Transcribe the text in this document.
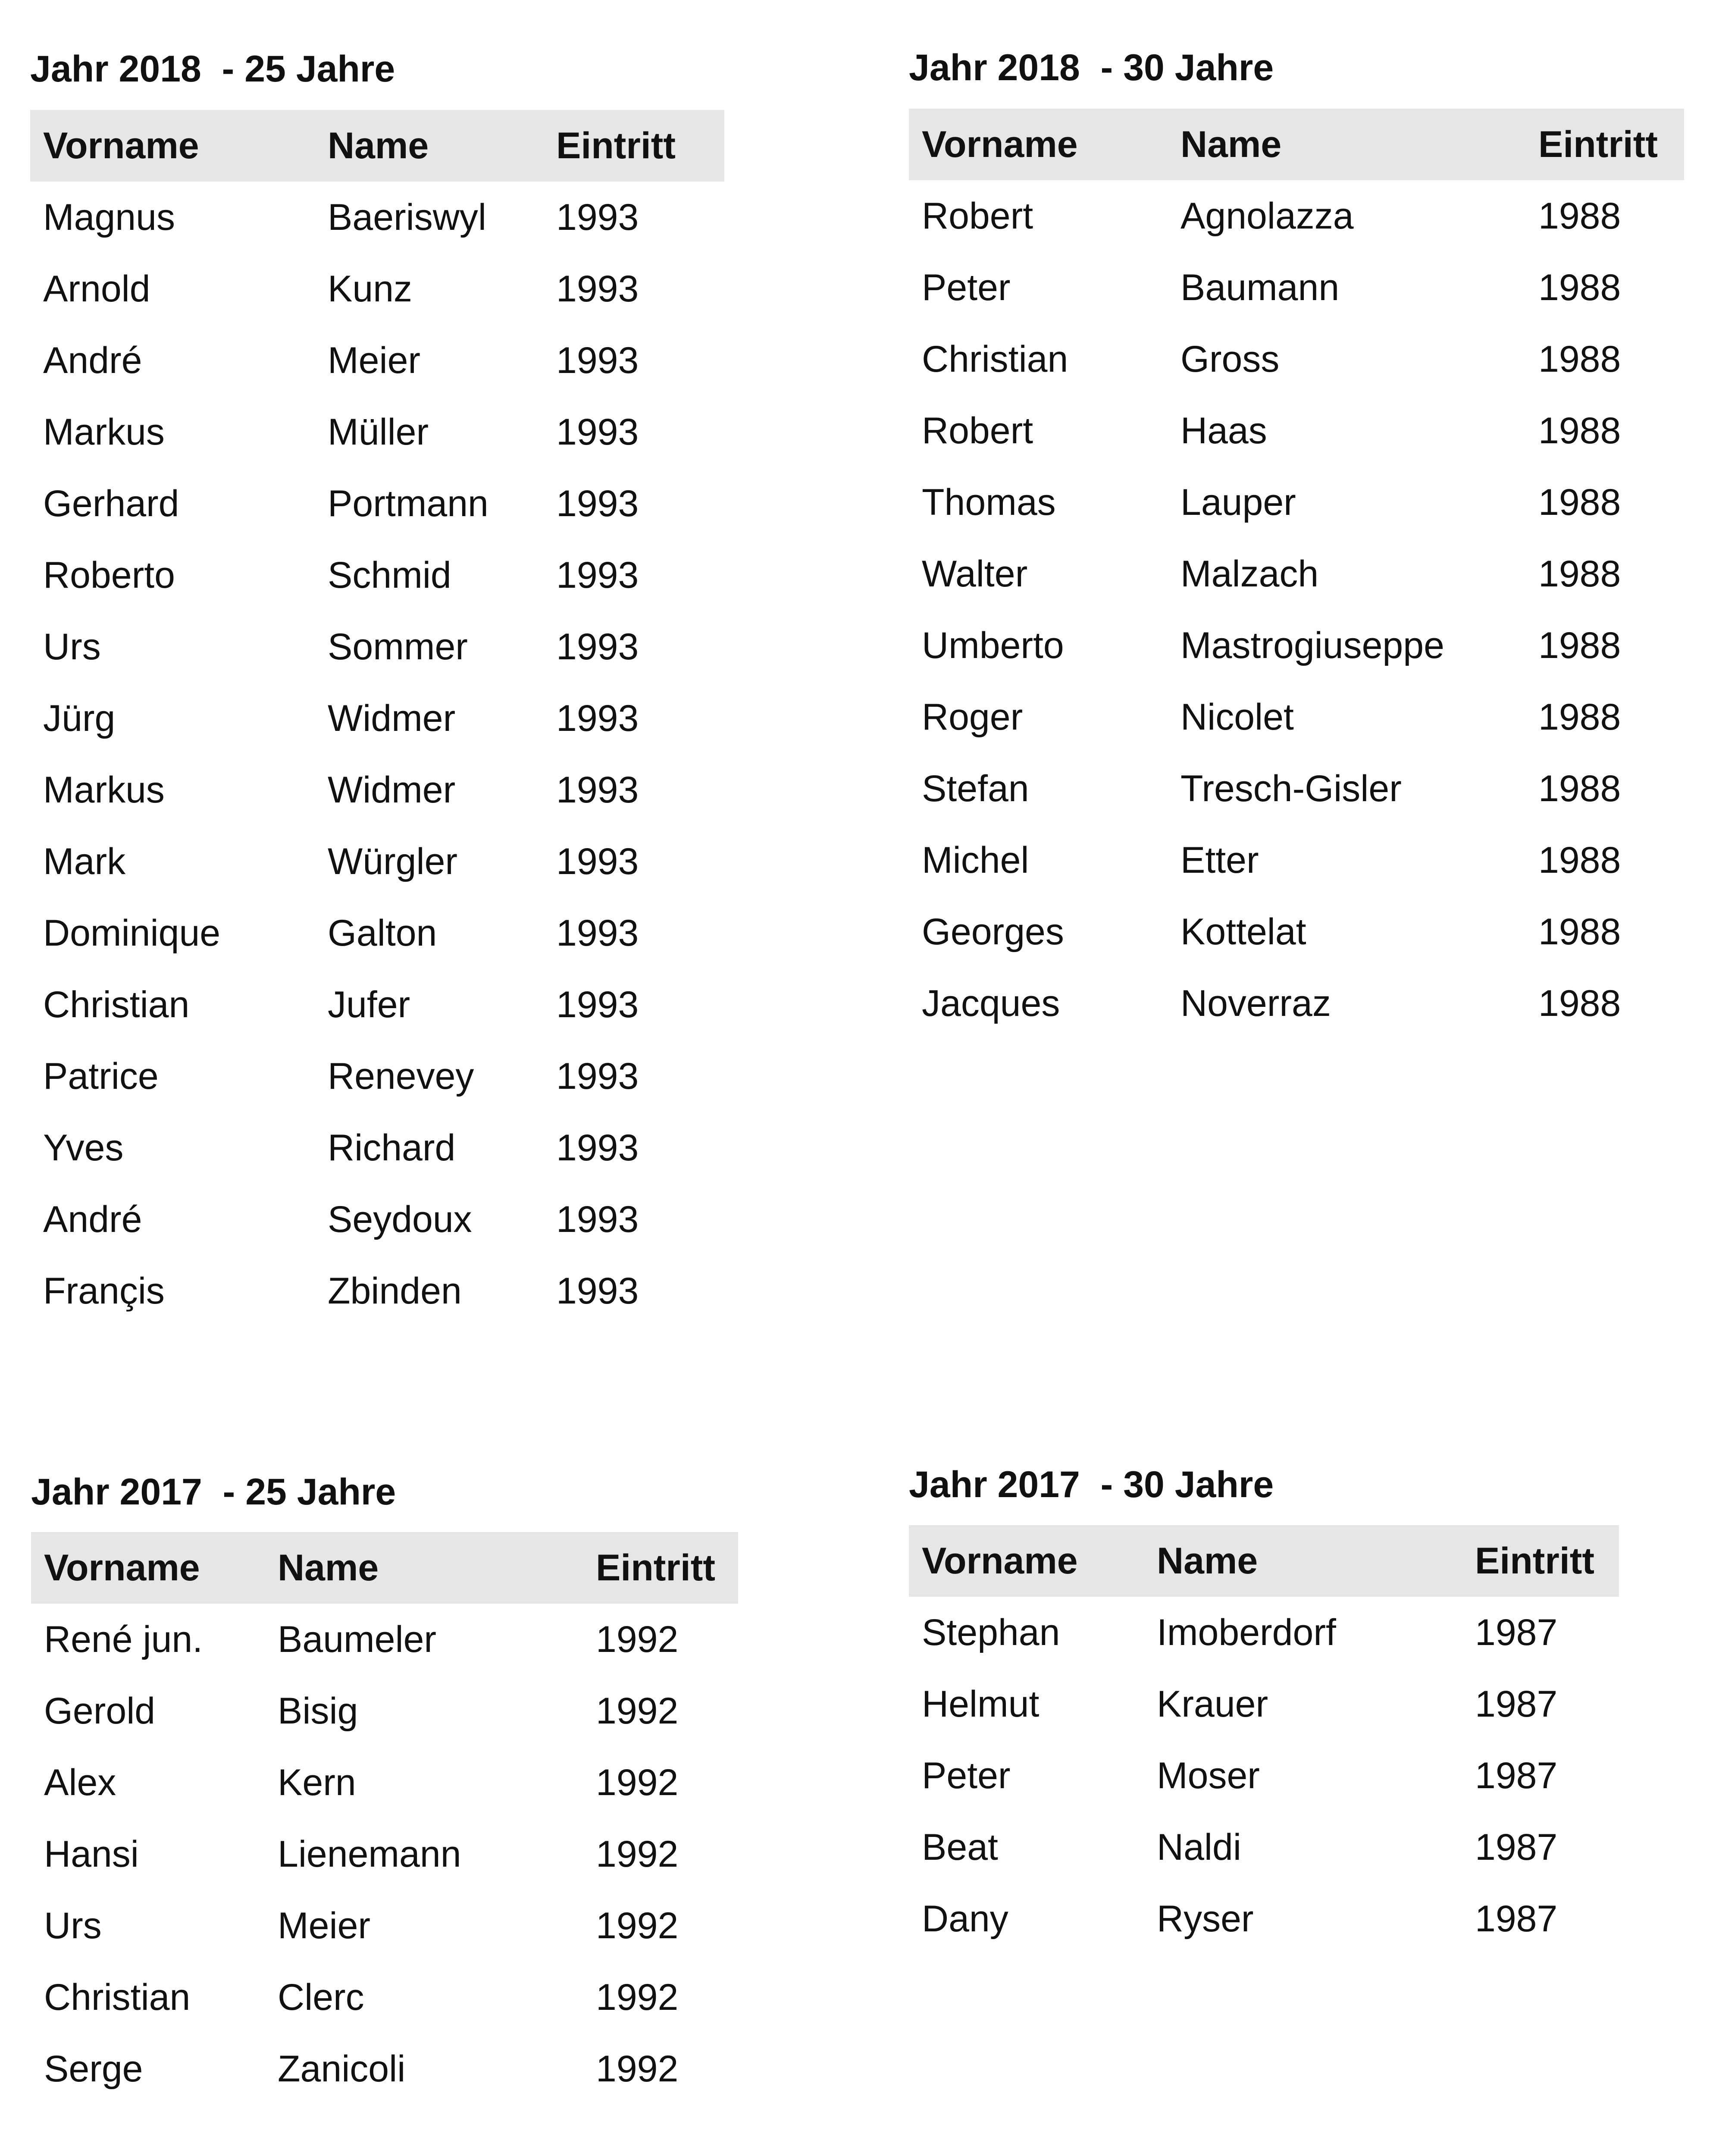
Jahr 2018  - 25 Jahre
Vorname	Name	Eintritt
Magnus	Baeriswyl	1993
Arnold	Kunz	1993
André	Meier	1993
Markus	Müller	1993
Gerhard	Portmann	1993
Roberto	Schmid	1993
Urs	Sommer	1993
Jürg	Widmer	1993
Markus	Widmer	1993
Mark	Würgler	1993
Dominique	Galton	1993
Christian	Jufer	1993
Patrice	Renevey	1993
Yves	Richard	1993
André	Seydoux	1993
Françis	Zbinden	1993
Jahr 2018  - 30 Jahre
Vorname	Name	Eintritt
Robert	Agnolazza	1988
Peter	Baumann	1988
Christian	Gross	1988
Robert	Haas	1988
Thomas	Lauper	1988
Walter	Malzach	1988
Umberto	Mastrogiuseppe	1988
Roger	Nicolet	1988
Stefan	Tresch-Gisler	1988
Michel	Etter	1988
Georges	Kottelat	1988
Jacques	Noverraz	1988
Jahr 2017  - 25 Jahre
Vorname	Name	Eintritt
René jun.	Baumeler	1992
Gerold	Bisig	1992
Alex	Kern	1992
Hansi	Lienemann	1992
Urs	Meier	1992
Christian	Clerc	1992
Serge	Zanicoli	1992
Jahr 2017  - 30 Jahre
Vorname	Name	Eintritt
Stephan	Imoberdorf	1987
Helmut	Krauer	1987
Peter	Moser	1987
Beat	Naldi	1987
Dany	Ryser	1987
